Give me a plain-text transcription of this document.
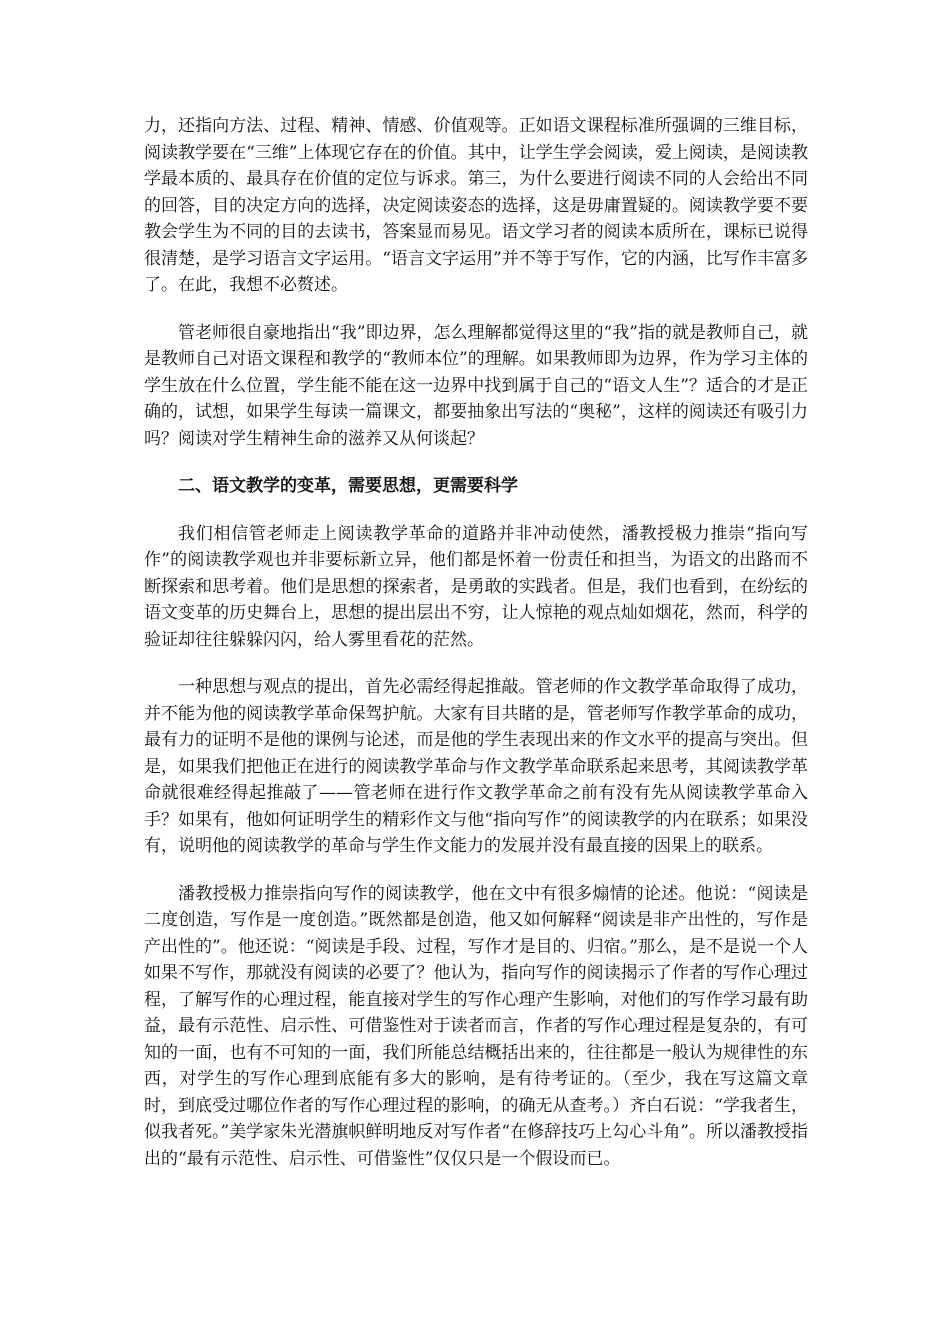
力，还指向方法、过程、精神、情感、价值观等。正如语文课程标准所强调的三维目标，阅读教学要在“三维”上体现它存在的价值。其中，让学生学会阅读，爱上阅读，是阅读教学最本质的、最具存在价值的定位与诉求。第三，为什么要进行阅读不同的人会给出不同的回答，目的决定方向的选择，决定阅读姿态的选择，这是毋庸置疑的。阅读教学要不要教会学生为不同的目的去读书，答案显而易见。语文学习者的阅读本质所在，课标已说得很清楚，是学习语言文字运用。“语言文字运用”并不等于写作，它的内涵，比写作丰富多了。在此，我想不必赘述。

管老师很自豪地指出“我”即边界，怎么理解都觉得这里的“我”指的就是教师自己，就是教师自己对语文课程和教学的“教师本位”的理解。如果教师即为边界，作为学习主体的学生放在什么位置，学生能不能在这一边界中找到属于自己的“语文人生”？适合的才是正确的，试想，如果学生每读一篇课文，都要抽象出写法的“奥秘”，这样的阅读还有吸引力吗？阅读对学生精神生命的滋养又从何谈起？

二、语文教学的变革，需要思想，更需要科学

我们相信管老师走上阅读教学革命的道路并非冲动使然，潘教授极力推崇“指向写作”的阅读教学观也并非要标新立异，他们都是怀着一份责任和担当，为语文的出路而不断探索和思考着。他们是思想的探索者，是勇敢的实践者。但是，我们也看到，在纷纭的语文变革的历史舞台上，思想的提出层出不穷，让人惊艳的观点灿如烟花，然而，科学的验证却往往躲躲闪闪，给人雾里看花的茫然。

一种思想与观点的提出，首先必需经得起推敲。管老师的作文教学革命取得了成功，并不能为他的阅读教学革命保驾护航。大家有目共睹的是，管老师写作教学革命的成功，最有力的证明不是他的课例与论述，而是他的学生表现出来的作文水平的提高与突出。但是，如果我们把他正在进行的阅读教学革命与作文教学革命联系起来思考，其阅读教学革命就很难经得起推敲了——管老师在进行作文教学革命之前有没有先从阅读教学革命入手？如果有，他如何证明学生的精彩作文与他“指向写作”的阅读教学的内在联系；如果没有，说明他的阅读教学的革命与学生作文能力的发展并没有最直接的因果上的联系。

潘教授极力推崇指向写作的阅读教学，他在文中有很多煽情的论述。他说：“阅读是二度创造，写作是一度创造。”既然都是创造，他又如何解释“阅读是非产出性的，写作是产出性的”。他还说：“阅读是手段、过程，写作才是目的、归宿。”那么，是不是说一个人如果不写作，那就没有阅读的必要了？他认为，指向写作的阅读揭示了作者的写作心理过程，了解写作的心理过程，能直接对学生的写作心理产生影响，对他们的写作学习最有助益，最有示范性、启示性、可借鉴性对于读者而言，作者的写作心理过程是复杂的，有可知的一面，也有不可知的一面，我们所能总结概括出来的，往往都是一般认为规律性的东西，对学生的写作心理到底能有多大的影响，是有待考证的。（至少，我在写这篇文章时，到底受过哪位作者的写作心理过程的影响，的确无从查考。）齐白石说：“学我者生，似我者死。”美学家朱光潜旗帜鲜明地反对写作者“在修辞技巧上勾心斗角”。所以潘教授指出的“最有示范性、启示性、可借鉴性”仅仅只是一个假设而已。
